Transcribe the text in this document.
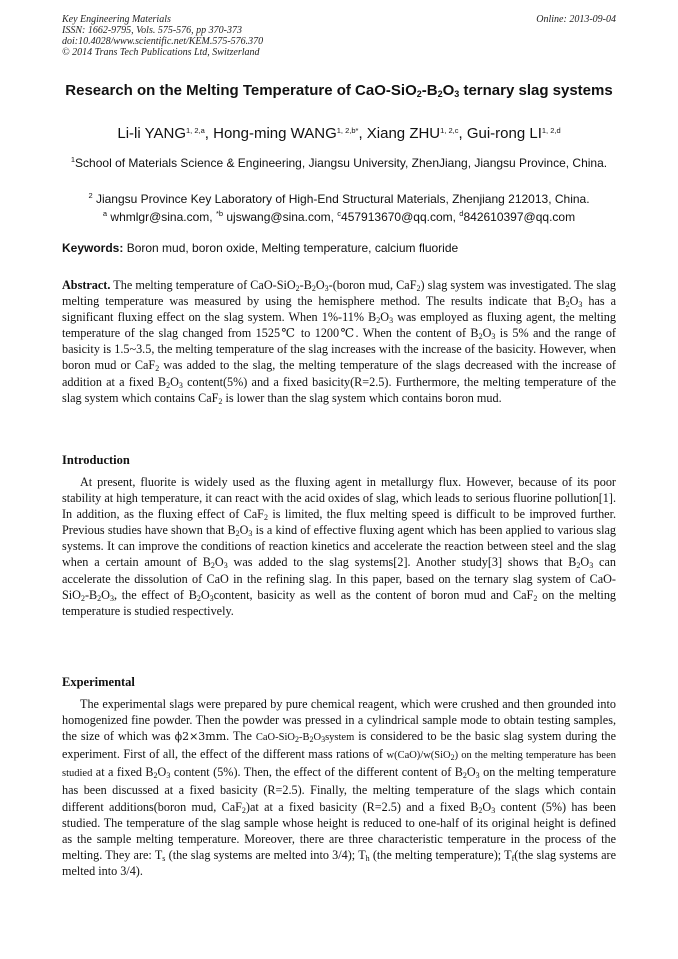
Key Engineering Materials
ISSN: 1662-9795, Vols. 575-576, pp 370-373
doi:10.4028/www.scientific.net/KEM.575-576.370
© 2014 Trans Tech Publications Ltd, Switzerland
Online: 2013-09-04
Research on the Melting Temperature of CaO-$SiO_2-B_2O_3$ ternary slag systems
Li-li YANG$^{1, 2,a}$, Hong-ming $WANG^{1, 2,b*}$, Xiang ZHU$^{1, 2,c}$, Gui-rong LI$^{1, 2,d}$
$^1$School of Materials Science & Engineering, Jiangsu University, ZhenJiang, Jiangsu Province, China.
$^2$ Jiangsu Province Key Laboratory of High-End Structural Materials, Zhenjiang 212013, China.
$^a$ whmlgr@sina.com, $^{*b}$ ujswang@sina.com, $^c$457913670@qq.com, $^d$842610397@qq.com
Keywords: Boron mud, boron oxide, Melting temperature, calcium fluoride
Abstract. The melting temperature of CaO-$SiO_2-B_2O_3-(boron$ mud, CaF$_2$) slag system was investigated. The slag melting temperature was measured by using the hemisphere method. The results indicate that $B_2O_3$ has a significant fluxing effect on the slag system. When 1%-11% $B_2O_3$ was employed as fluxing agent, the melting temperature of the slag changed from 1525℃ to 1200℃. When the content of $B_2O_3$ is 5% and the range of basicity is 1.5~3.5, the melting temperature of the slag increases with the increase of the basicity. However, when boron mud or CaF$_2$ was added to the slag, the melting temperature of the slags decreased with the increase of addition at a fixed $B_2O_3$ content(5%) and a fixed basicity(R=2.5). Furthermore, the melting temperature of the slag system which contains CaF$_2$ is lower than the slag system which contains boron mud.
Introduction
At present, fluorite is widely used as the fluxing agent in metallurgy flux. However, because of its poor stability at high temperature, it can react with the acid oxides of slag, which leads to serious fluorine pollution[1]. In addition, as the fluxing effect of CaF$_2$ is limited, the flux melting speed is difficult to be improved further. Previous studies have shown that $B_2O_3$ is a kind of effective fluxing agent which has been applied to various slag systems. It can improve the conditions of reaction kinetics and accelerate the reaction between steel and the slag when a certain amount of $B_2O_3$ was added to the slag systems[2]. Another study[3] shows that $B_2O_3$ can accelerate the dissolution of CaO in the refining slag. In this paper, based on the ternary slag system of CaO-$SiO_2-B_2O_3$, the effect of $B_2O_3content$, basicity as well as the content of boron mud and CaF$_2$ on the melting temperature is studied respectively.
Experimental
The experimental slags were prepared by pure chemical reagent, which were crushed and then grounded into homogenized fine powder. Then the powder was pressed in a cylindrical sample mode to obtain testing samples, the size of which was ϕ2×3mm. The CaO-$SiO_2-B_2O_3system$ is considered to be the basic slag system during the experiment. First of all, the effect of the different mass rations of w(CaO)/w(SiO$_2$) on the melting temperature has been studied at a fixed $B_2O_3$ content (5%). Then, the effect of the different content of $B_2O_3$ on the melting temperature has been discussed at a fixed basicity (R=2.5). Finally, the melting temperature of the slags which contain different additions(boron mud, CaF$_2$)at at a fixed basicity (R=2.5) and a fixed $B_2O_3$ content (5%) has been studied. The temperature of the slag sample whose height is reduced to one-half of its original height is defined as the sample melting temperature. Moreover, there are three characteristic temperature in the process of the melting. They are: $T_s$ (the slag systems are melted into 3/4); $T_h$ (the melting temperature); $T_f(the$ slag systems are melted into 3/4).
